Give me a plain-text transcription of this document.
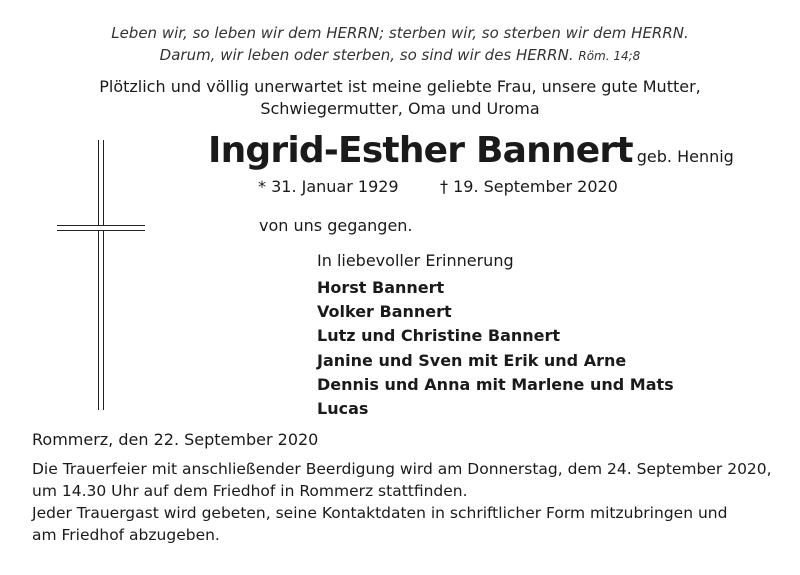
Leben wir, so leben wir dem HERRN; sterben wir, so sterben wir dem HERRN.
Darum, wir leben oder sterben, so sind wir des HERRN. Röm. 14;8
Plötzlich und völlig unerwartet ist meine geliebte Frau, unsere gute Mutter,
Schwiegermutter, Oma und Uroma
Ingrid-Esther Bannert geb. Hennig
* 31. Januar 1929	† 19. September 2020
von uns gegangen.
In liebevoller Erinnerung
Horst Bannert
Volker Bannert
Lutz und Christine Bannert
Janine und Sven mit Erik und Arne
Dennis und Anna mit Marlene und Mats
Lucas
Rommerz, den 22. September 2020
Die Trauerfeier mit anschließender Beerdigung wird am Donnerstag, dem 24. September 2020,
um 14.30 Uhr auf dem Friedhof in Rommerz stattfinden.
Jeder Trauergast wird gebeten, seine Kontaktdaten in schriftlicher Form mitzubringen und
am Friedhof abzugeben.
